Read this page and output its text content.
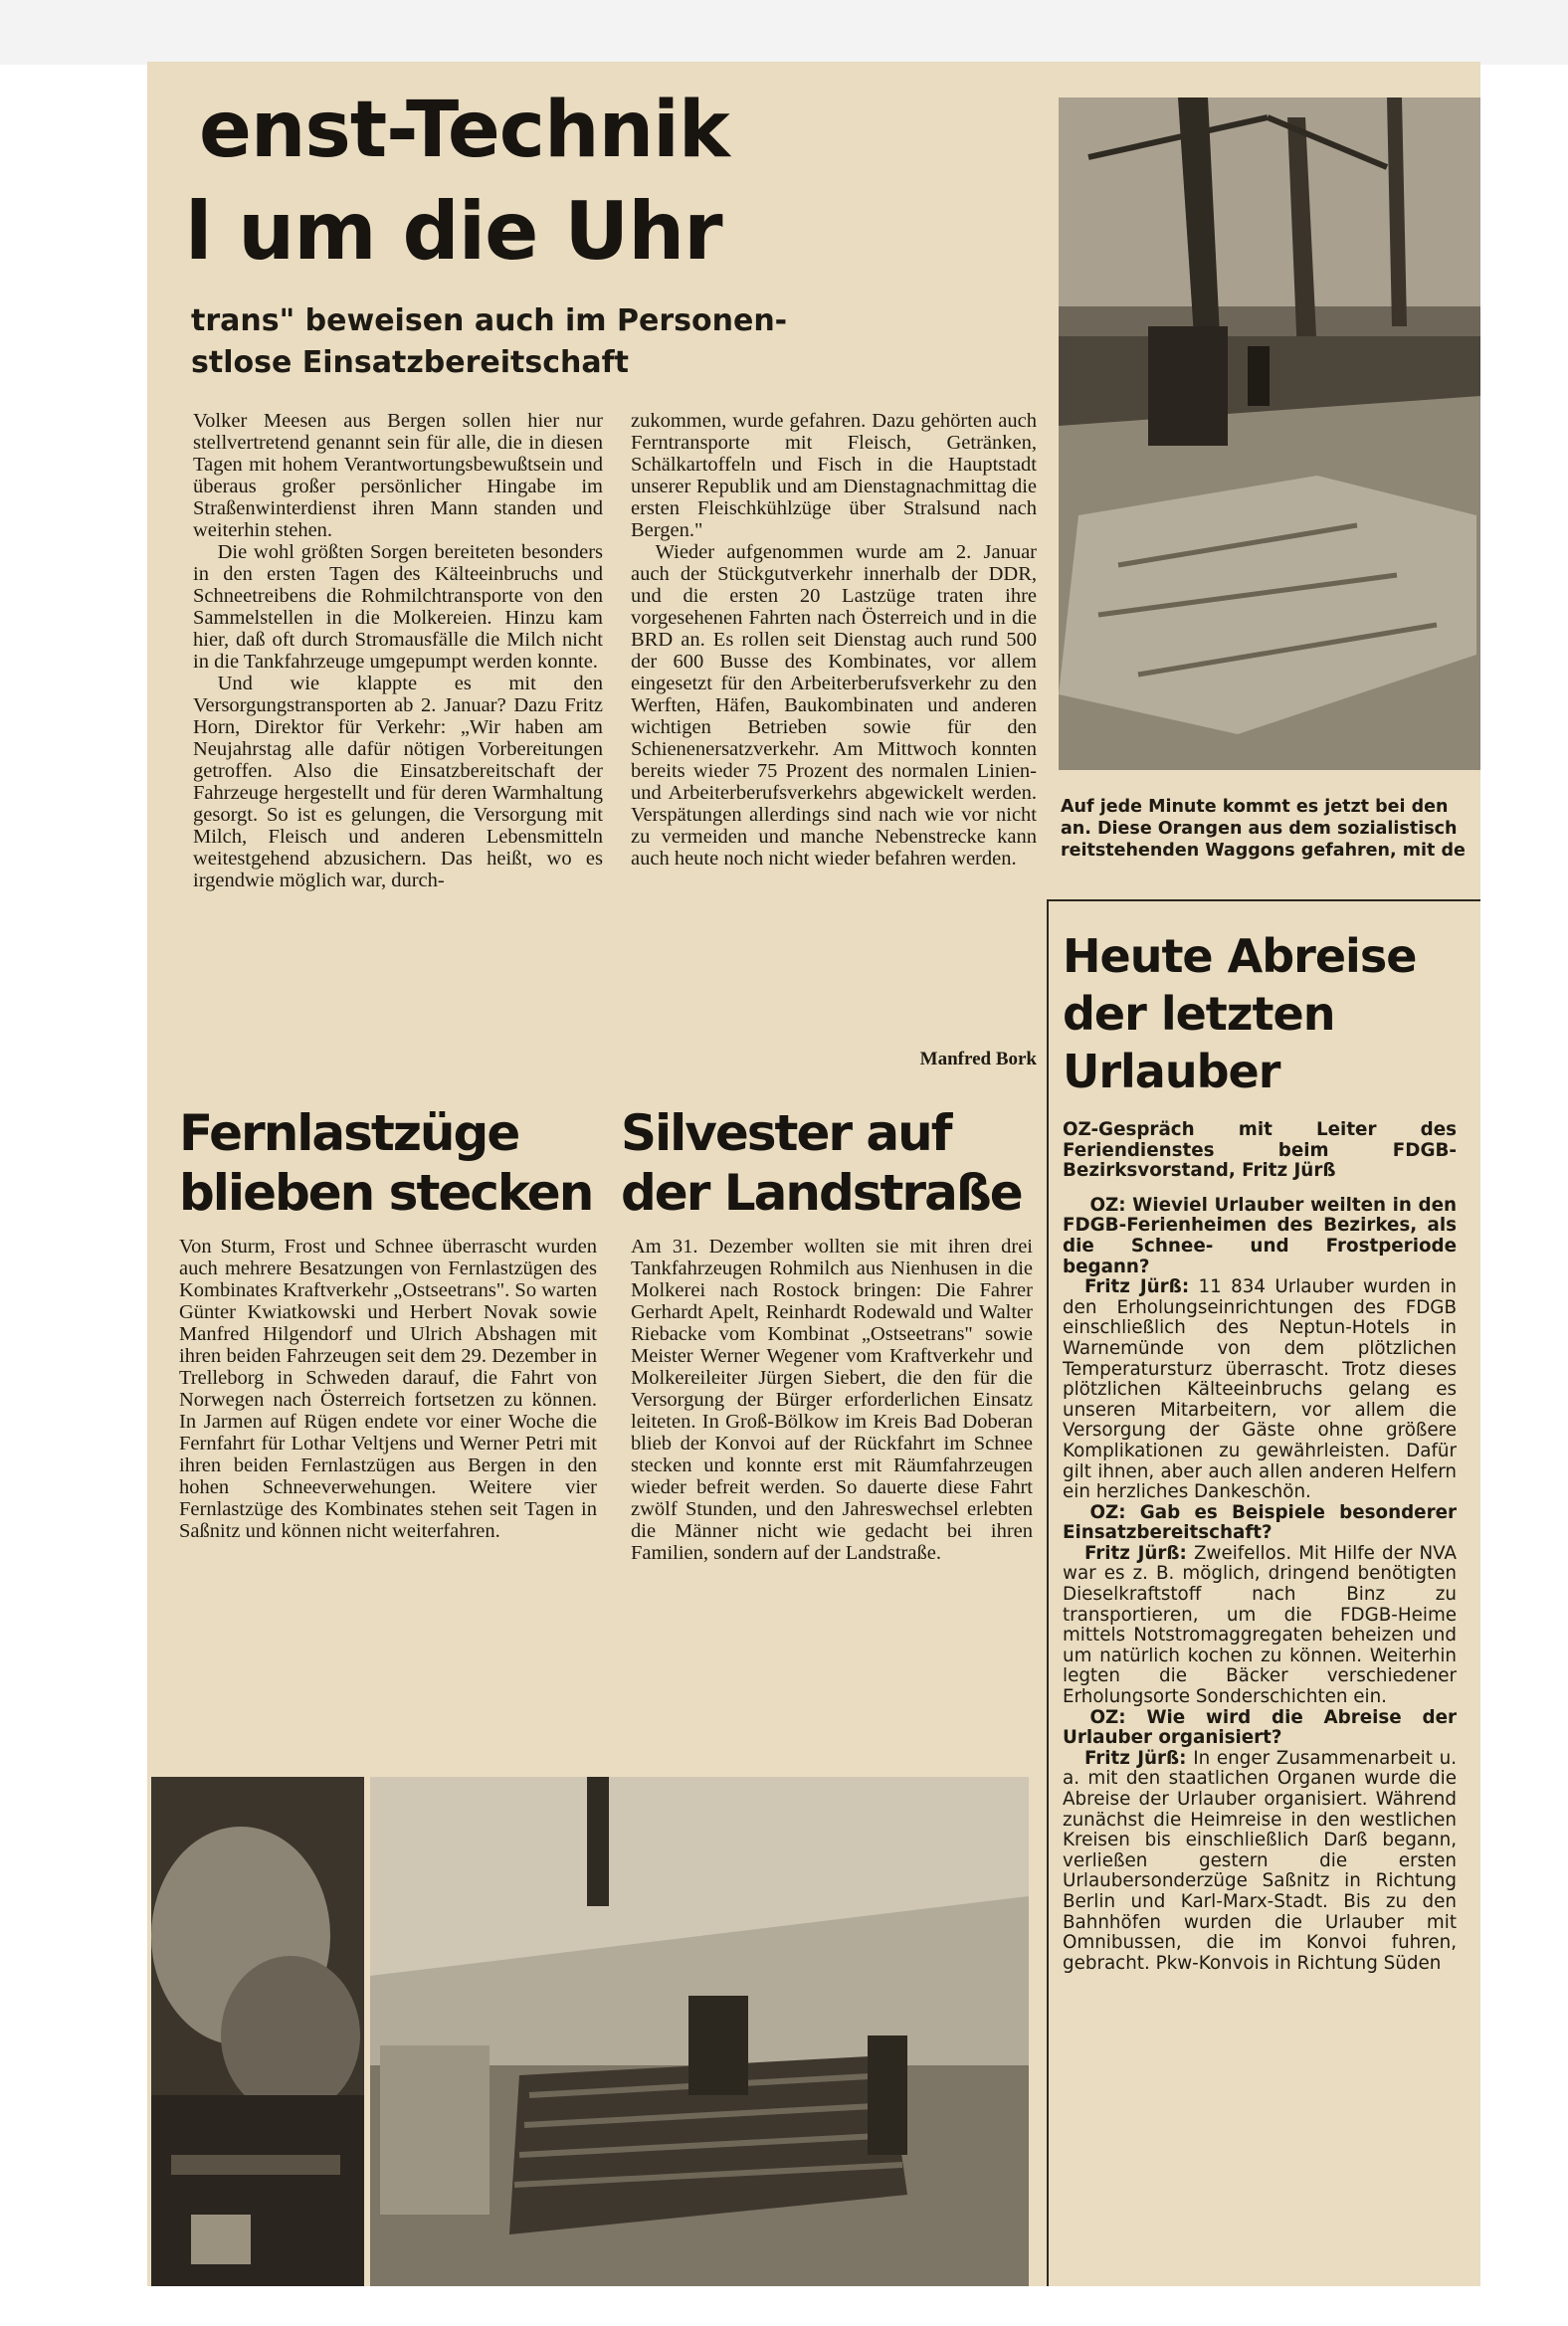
enst-Technik
l um die Uhr

trans" beweisen auch im Personen-

stlose Einsatzbereitschaft

Volker Meesen aus Bergen sollen hier nur stellvertretend genannt sein für alle, die in diesen Tagen mit hohem Verantwortungsbewußtsein und überaus großer persönlicher Hingabe im Straßenwinterdienst ihren Mann standen und weiterhin stehen.

Die wohl größten Sorgen bereiteten besonders in den ersten Tagen des Kälteeinbruchs und Schneetreibens die Rohmilchtransporte von den Sammelstellen in die Molkereien. Hinzu kam hier, daß oft durch Stromausfälle die Milch nicht in die Tankfahrzeuge umgepumpt werden konnte.

Und wie klappte es mit den Versorgungstransporten ab 2. Januar? Dazu Fritz Horn, Direktor für Verkehr: „Wir haben am Neujahrstag alle dafür nötigen Vorbereitungen getroffen. Also die Einsatzbereitschaft der Fahrzeuge hergestellt und für deren Warmhaltung gesorgt. So ist es gelungen, die Versorgung mit Milch, Fleisch und anderen Lebensmitteln weitestgehend abzusichern. Das heißt, wo es irgendwie möglich war, durch-

zukommen, wurde gefahren. Dazu gehörten auch Ferntransporte mit Fleisch, Getränken, Schälkartoffeln und Fisch in die Hauptstadt unserer Republik und am Dienstagnachmittag die ersten Fleischkühlzüge über Stralsund nach Bergen."

Wieder aufgenommen wurde am 2. Januar auch der Stückgutverkehr innerhalb der DDR, und die ersten 20 Lastzüge traten ihre vorgesehenen Fahrten nach Österreich und in die BRD an. Es rollen seit Dienstag auch rund 500 der 600 Busse des Kombinates, vor allem eingesetzt für den Arbeiterberufsverkehr zu den Werften, Häfen, Baukombinaten und anderen wichtigen Betrieben sowie für den Schienenersatzverkehr. Am Mittwoch konnten bereits wieder 75 Prozent des normalen Linien- und Arbeiterberufsverkehrs abgewickelt werden. Verspätungen allerdings sind nach wie vor nicht zu vermeiden und manche Nebenstrecke kann auch heute noch nicht wieder befahren werden.

Manfred Bork

Auf jede Minute kommt es jetzt bei den

an. Diese Orangen aus dem sozialistisch

reitstehenden Waggons gefahren, mit de

Fernlastzüge
blieben stecken

Von Sturm, Frost und Schnee überrascht wurden auch mehrere Besatzungen von Fernlastzügen des Kombinates Kraftverkehr „Ostseetrans". So warten Günter Kwiatkowski und Herbert Novak sowie Manfred Hilgendorf und Ulrich Abshagen mit ihren beiden Fahrzeugen seit dem 29. Dezember in Trelleborg in Schweden darauf, die Fahrt von Norwegen nach Österreich fortsetzen zu können. In Jarmen auf Rügen endete vor einer Woche die Fernfahrt für Lothar Veltjens und Werner Petri mit ihren beiden Fernlastzügen aus Bergen in den hohen Schneeverwehungen. Weitere vier Fernlastzüge des Kombinates stehen seit Tagen in Saßnitz und können nicht weiterfahren.

Silvester auf
der Landstraße

Am 31. Dezember wollten sie mit ihren drei Tankfahrzeugen Rohmilch aus Nienhusen in die Molkerei nach Rostock bringen: Die Fahrer Gerhardt Apelt, Reinhardt Rodewald und Walter Riebacke vom Kombinat „Ostseetrans" sowie Meister Werner Wegener vom Kraftverkehr und Molkereileiter Jürgen Siebert, die den für die Versorgung der Bürger erforderlichen Einsatz leiteten. In Groß-Bölkow im Kreis Bad Doberan blieb der Konvoi auf der Rückfahrt im Schnee stecken und konnte erst mit Räumfahrzeugen wieder befreit werden. So dauerte diese Fahrt zwölf Stunden, und den Jahreswechsel erlebten die Männer nicht wie gedacht bei ihren Familien, sondern auf der Landstraße.

Heute Abreise
der letzten
Urlauber

OZ-Gespräch mit Leiter des Feriendienstes beim FDGB-Bezirksvorstand, Fritz Jürß

OZ: Wieviel Urlauber weilten in den FDGB-Ferienheimen des Bezirkes, als die Schnee- und Frostperiode begann?

Fritz Jürß: 11 834 Urlauber wurden in den Erholungseinrichtungen des FDGB einschließlich des Neptun-Hotels in Warnemünde von dem plötzlichen Temperatursturz überrascht. Trotz dieses plötzlichen Kälteeinbruchs gelang es unseren Mitarbeitern, vor allem die Versorgung der Gäste ohne größere Komplikationen zu gewährleisten. Dafür gilt ihnen, aber auch allen anderen Helfern ein herzliches Dankeschön.

OZ: Gab es Beispiele besonderer Einsatzbereitschaft?

Fritz Jürß: Zweifellos. Mit Hilfe der NVA war es z. B. möglich, dringend benötigten Dieselkraftstoff nach Binz zu transportieren, um die FDGB-Heime mittels Notstromaggregaten beheizen und um natürlich kochen zu können. Weiterhin legten die Bäcker verschiedener Erholungsorte Sonderschichten ein.

OZ: Wie wird die Abreise der Urlauber organisiert?

Fritz Jürß: In enger Zusammenarbeit u. a. mit den staatlichen Organen wurde die Abreise der Urlauber organisiert. Während zunächst die Heimreise in den westlichen Kreisen bis einschließlich Darß begann, verließen gestern die ersten Urlaubersonderzüge Saßnitz in Richtung Berlin und Karl-Marx-Stadt. Bis zu den Bahnhöfen wurden die Urlauber mit Omnibussen, die im Konvoi fuhren, gebracht. Pkw-Konvois in Richtung Süden
